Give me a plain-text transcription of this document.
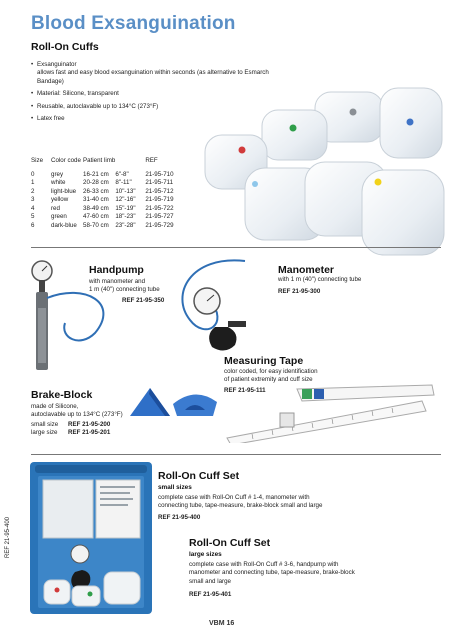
Blood Exsanguination
Roll-On Cuffs
• Exsanguinator
allows fast and easy blood exsanguination within seconds (as alternative to Esmarch Bandage)
• Material: Silicone, transparent
• Reusable, autoclavable up to 134°C (273°F)
• Latex free
Size	Color code	Patient limb		REF
0	grey	16-21 cm	6"-8"	21-95-710
1	white	20-28 cm	8"-11"	21-95-711
2	light-blue	26-33 cm	10"-13"	21-95-712
3	yellow	31-40 cm	12"-16"	21-95-719
4	red	38-49 cm	15"-19"	21-95-722
5	green	47-60 cm	18"-23"	21-95-727
6	dark-blue	58-70 cm	23"-28"	21-95-729
Handpump
with manometer and
1 m (40") connecting tube
REF 21-95-350
Manometer
with 1 m (40") connecting tube
REF 21-95-300
Measuring Tape
color coded, for easy identification
of patient extremity and cuff size
REF 21-95-111
Brake-Block
made of Silicone,
autoclavable up to 134°C (273°F)
small size REF 21-95-200
large size REF 21-95-201
REF 21-95-400
Roll-On Cuff Set
small sizes
complete case with Roll-On Cuff # 1-4, manometer with
connecting tube, tape-measure, brake-block small and large
REF 21-95-400
Roll-On Cuff Set
large sizes
complete case with Roll-On Cuff # 3-6, handpump with
manometer and connecting tube, tape-measure, brake-block
small and large
REF 21-95-401
VBM 16
